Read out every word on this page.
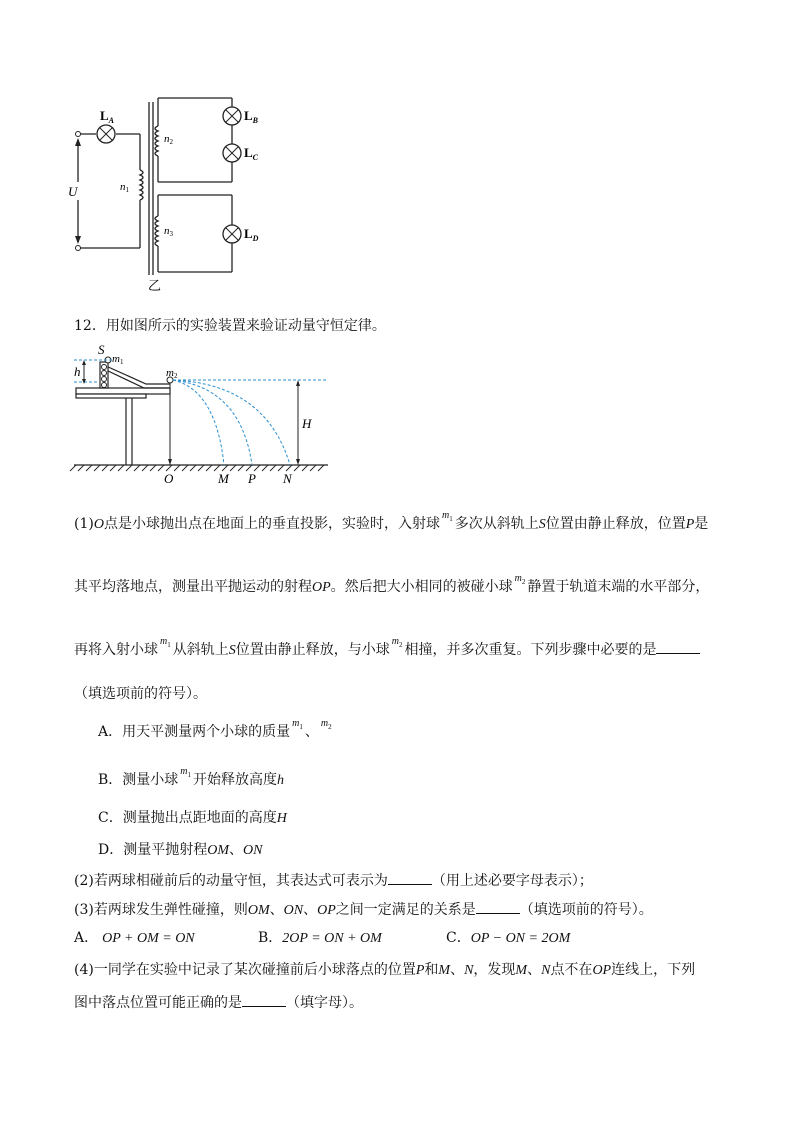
$L_A$	$L_B$
$L_C$
$L_D$
n2
n1
n3
U
乙
12．用如图所示的实验装置来验证动量守恒定律。
S
m1
h	m2
H
O	M P N
(1)O点是小球抛出点在地面上的垂直投影，实验时，入射球$^{m_1}$ 多次从斜轨上S位置由静止释放，位置P是
其平均落地点，测量出平抛运动的射程OP。然后把大小相同的被碰小球$^{m_2}$ 静置于轨道末端的水平部分，
再将入射小球$^{m_1}$ 从斜轨上S位置由静止释放，与小球$^{m_2}$ 相撞，并多次重复。下列步骤中必要的是
（填选项前的符号）。
A．用天平测量两个小球的质量$^{m_1}$ 、$^{m_2}$
B．测量小球$^{m_1}$ 开始释放高度h
C．测量抛出点距地面的高度H
D．测量平抛射程OM、ON
(2)若两球相碰前后的动量守恒，其表达式可表示为	（用上述必要字母表示）；
(3)若两球发生弹性碰撞，则OM、ON、OP之间一定满足的关系是	（填选项前的符号）。
A． OP + OM = ON	B．2OP = ON + OM	C．OP − ON = 2OM
(4)一同学在实验中记录了某次碰撞前后小球落点的位置P和M、N，发现M、N点不在OP连线上，下列
图中落点位置可能正确的是	（填字母）。
